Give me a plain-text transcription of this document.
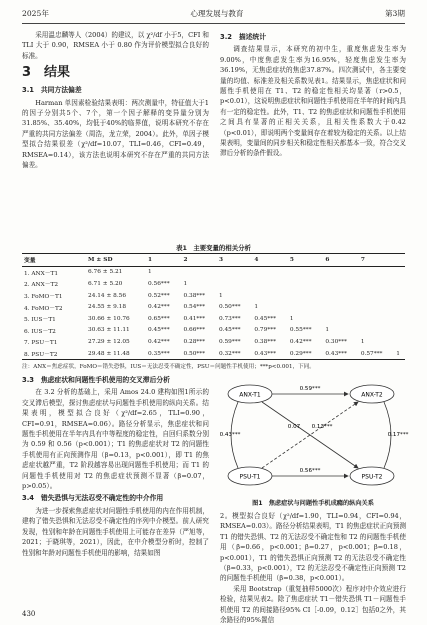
2025年	心理发展与教育	第3期

采用温忠麟等人（2004）的建议，以 χ²/df 小于5，CFI 和 TLI 大于 0.90，RMSEA 小于 0.80 作为评价模型拟合良好的标准。

3　结果
3.1　共同方法偏差

Harman 单因素检验结果表明：两次测量中，特征值大于1的因子分别共5个、7个，第一个因子解释的变异量分别为31.85%、35.40%，均低于40%的临界值，说明本研究不存在严重的共同方法偏差（周浩，龙立荣，2004）。此外，单因子模型拟合结果很差（χ²/df=10.07，TLI=0.46，CFI=0.49，RMSEA=0.14），该方法也说明本研究不存在严重的共同方法偏差。

3.2　描述统计

调查结果显示，本研究的初中生，重度焦虑发生率为9.00%，中度焦虑发生率为16.95%，轻度焦虑发生率为36.19%，无焦虑症状的焦虑37.87%。四次测试中，各主要变量的均值、标准差及相关系数见表1。结果显示，焦虑症状和问题性手机使用在 T1、T2 的稳定性相关均显著（r>0.5，p<0.01），这说明焦虑症状和问题性手机使用在半年的时间内具有一定的稳定性。此外，T1、T2 的焦虑症状和问题性手机使用之间具有显著的正相关关系，且相关性系数大于0.42（p<0.01），即说明两个变量间存在着较为稳定的关系。以上结果表明，变量间的同步相关和稳定性相关都基本一致，符合交叉滞后分析的条件假设。

表1　主要变量的相关分析
变量	M ± SD	1	2	3	4	5	6	7	
1. ANX－T1	6.76 ± 5.21	1							
2. ANX－T2	6.71 ± 5.20	0.56***	1						
3. FoMO－T1	24.14 ± 8.56	0.52***	0.38***	1					
4. FoMO－T2	24.55 ± 9.18	0.42***	0.54***	0.50***	1				
5. IUS－T1	30.66 ± 10.76	0.65***	0.41***	0.73***	0.45***	1			
6. IUS－T2	30.63 ± 11.11	0.45***	0.66***	0.45***	0.79***	0.55***	1		
7. PSU－T1	27.29 ± 12.05	0.42***	0.28***	0.59***	0.38***	0.42***	0.30***	1	
8. PSU－T2	29.48 ± 11.48	0.35***	0.50***	0.32***	0.43***	0.29***	0.43***	0.57***	1
注：ANX＝焦虑症状，FoMO＝错失恐惧，IUS＝无法忍受不确定性，PSU＝问题性手机使用；***p<0.001，下同。
3.3　焦虑症状和问题性手机使用的交叉滞后分析

在 3.2 分析的基础上，采用 Amos 24.0 建构如图1所示的交叉滞后模型，探讨焦虑症状与问题性手机使用的纵向关系。结果表明，模型拟合良好（χ²/df=2.65，TLI=0.90，CFI=0.91，RMSEA=0.06）。路径分析显示，焦虑症状和问题性手机使用在半年内具有中等程度的稳定性，自回归系数分别为 0.59 和 0.56（p<0.001）；T1 的焦虑症状对 T2 的问题性手机使用有正向预测作用（β=0.13，p<0.001），即 T1 的焦虑症状越严重，T2 阶段越容易出现问题性手机使用；而 T1 的问题性手机使用对 T2 的焦虑症状预测不显著（β=0.07，p>0.05）。

3.4　错失恐惧与无法忍受不确定性的中介作用

为进一步探索焦虑症状对问题性手机使用的内在作用机制，建构了错失恐惧和无法忍受不确定性的序列中介模型。前人研究发现，性别和年龄在问题性手机使用上可能存在差异（严旭等，2021；于晓琪等，2021），因此，在中介模型分析时，控制了性别和年龄对问题性手机使用的影响，结果如图

ANX-T1	ANX-T2
PSU-T1	PSU-T2
0.59***
0.56***
0.13***
0.07
0.43***	0.17***
图1　焦虑症状与问题性手机成瘾的纵向关系

2。模型拟合良好（χ²/df=1.90，TLI=0.94，CFI=0.94，RMSEA=0.03）。路径分析结果表明，T1 的焦虑症状正向预测 T1 的错失恐惧、T2 的无法忍受不确定性和 T2 的问题性手机使用（β=0.66，p<0.001；β=0.27，p<0.001；β=0.18，p<0.001），T1 的错失恐惧正向预测 T2 的无法忍受不确定性（β=0.33，p<0.001），T2 的无法忍受不确定性正向预测 T2 的问题性手机使用（β=0.38，p<0.001）。

采用 Bootstrap（重复抽样5000次）程序对中介效应进行检验，结果见表2。除了焦虑症状 T1－错失恐惧 T1－问题性手机使用 T2 的间接路径95% CI［-0.09，0.12］包括0之外，其余路径的95%置信

430
